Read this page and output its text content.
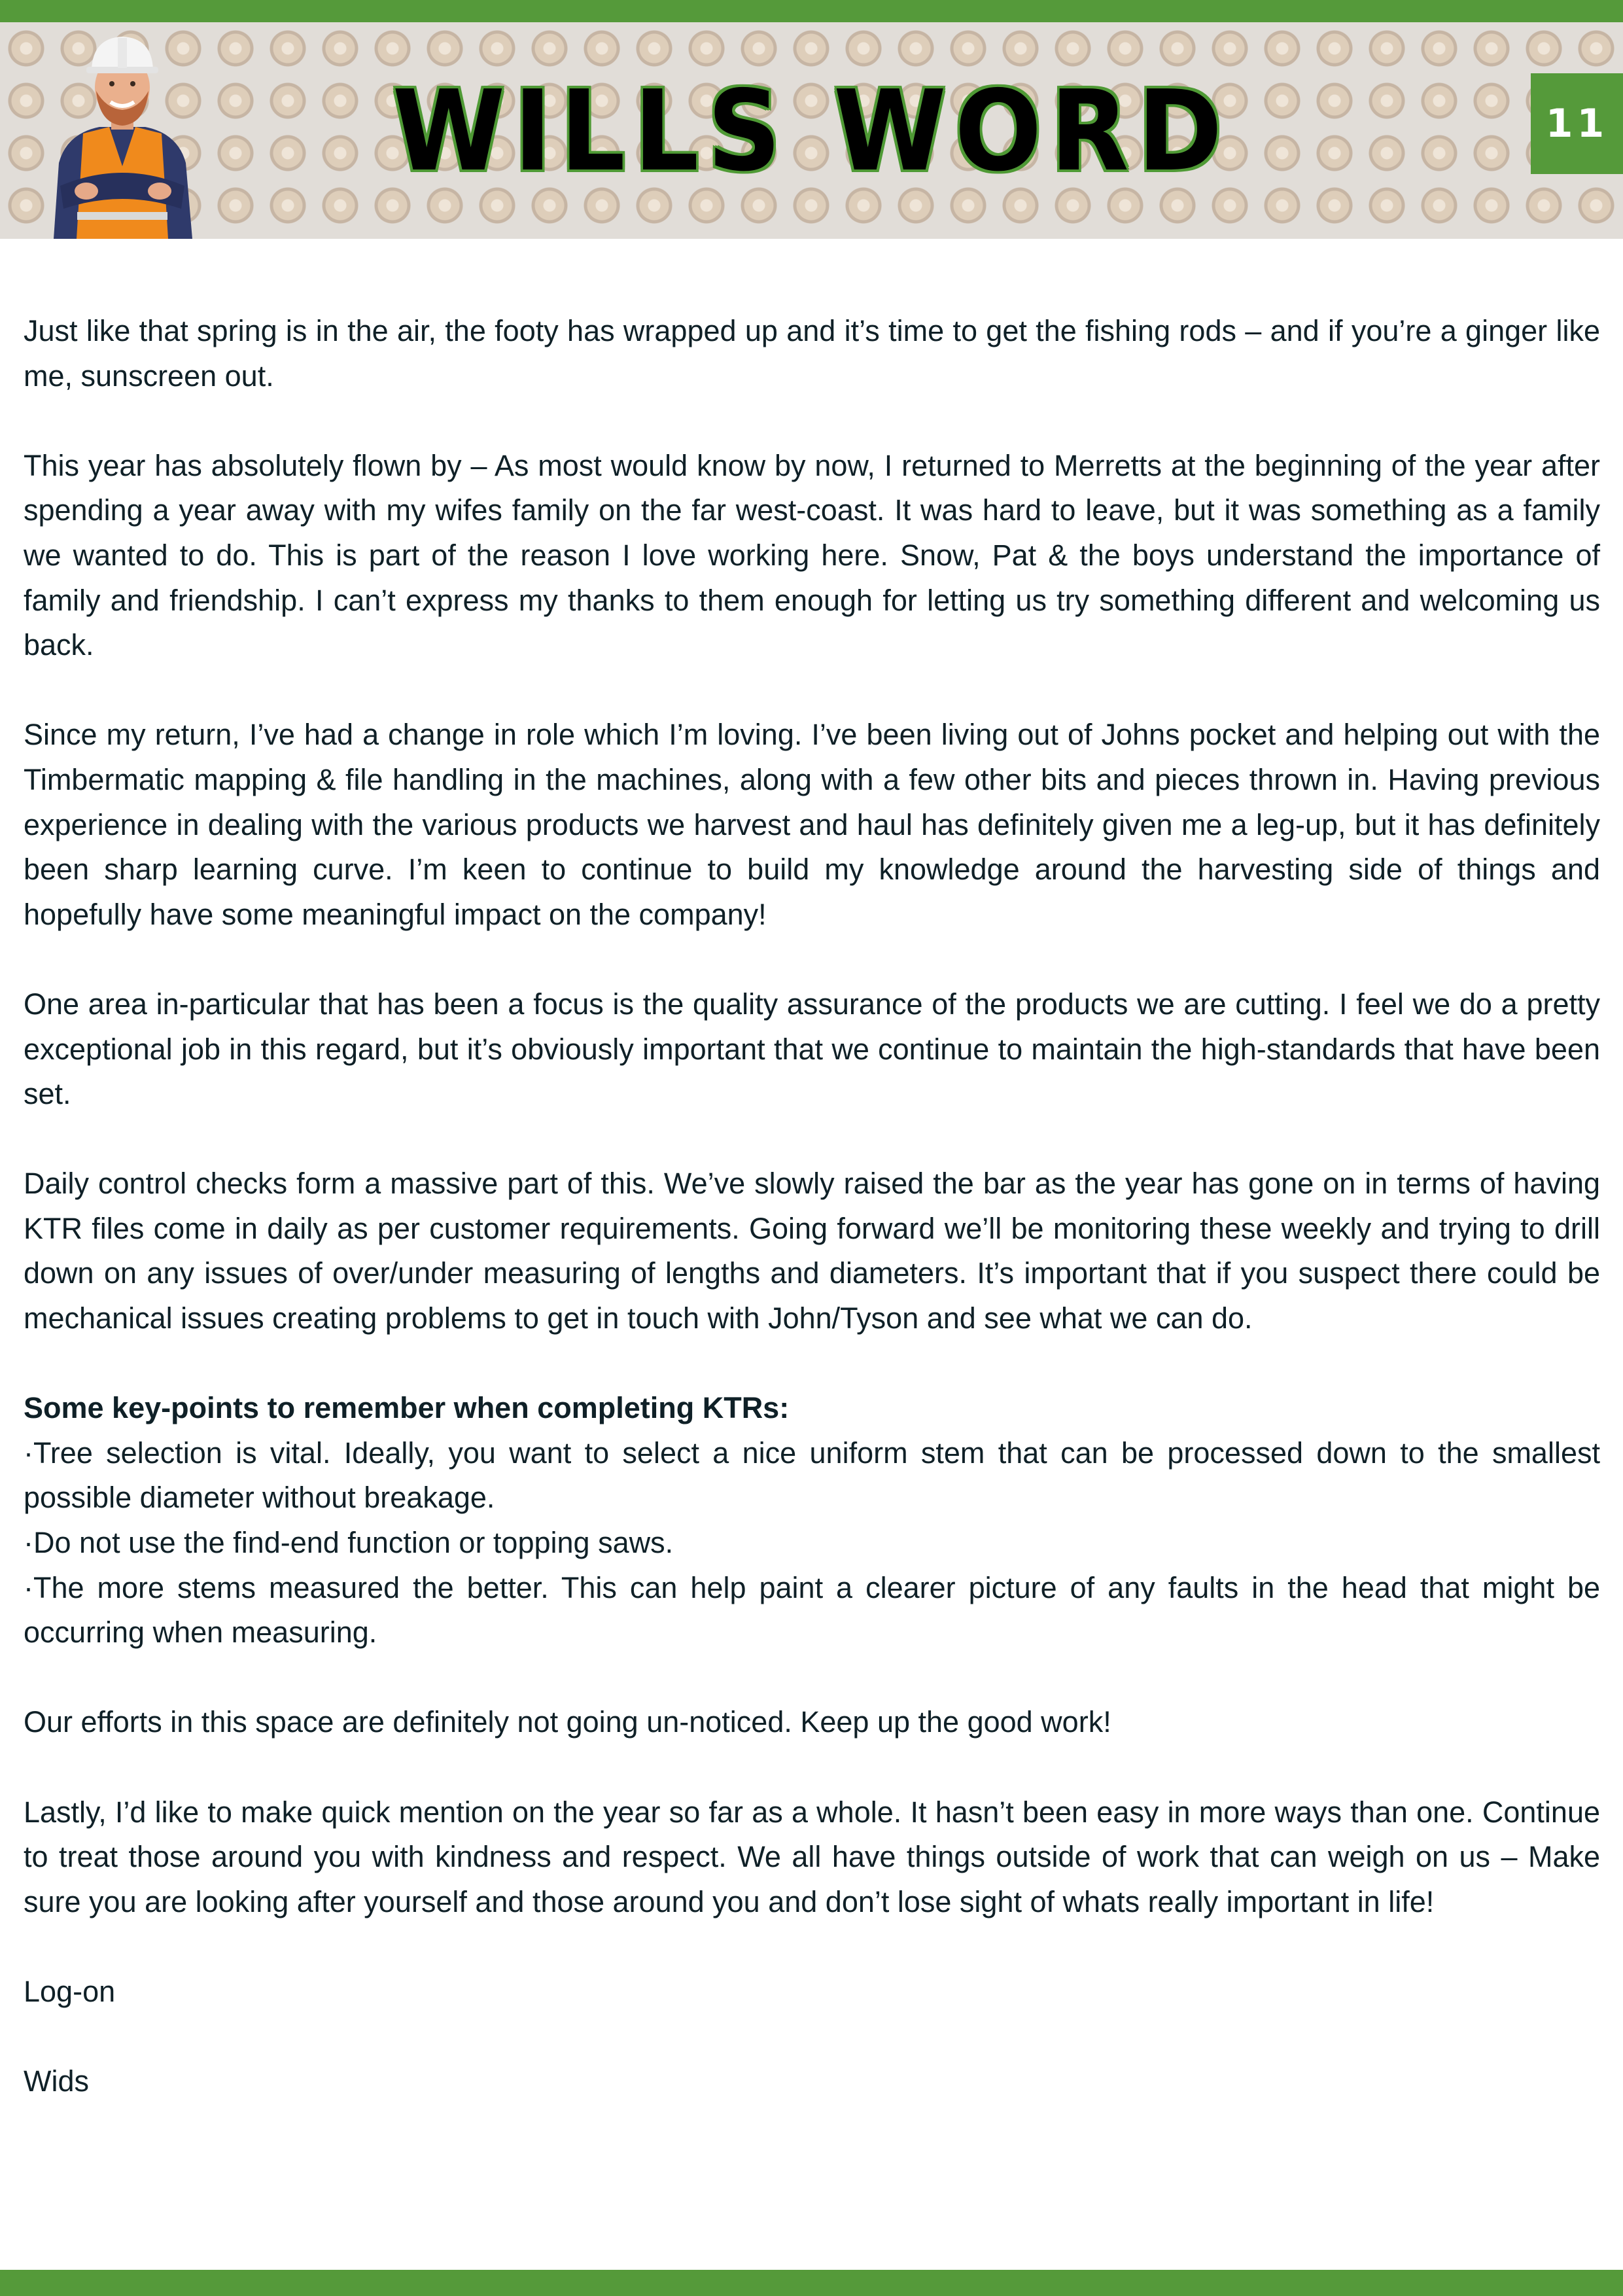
WILLS WORD	11

Just like that spring is in the air, the footy has wrapped up and it’s time to get the fishing rods – and if you’re a ginger like me, sunscreen out.

This year has absolutely flown by – As most would know by now, I returned to Merretts at the beginning of the year after spending a year away with my wifes family on the far west-coast. It was hard to leave, but it was something as a family we wanted to do. This is part of the reason I love working here. Snow, Pat & the boys understand the importance of family and friendship. I can’t express my thanks to them enough for letting us try something different and welcoming us back.

Since my return, I’ve had a change in role which I’m loving. I’ve been living out of Johns pocket and helping out with the Timbermatic mapping & file handling in the machines, along with a few other bits and pieces thrown in. Having previous experience in dealing with the various products we harvest and haul has definitely given me a leg-up, but it has definitely been sharp learning curve. I’m keen to continue to build my knowledge around the harvesting side of things and hopefully have some meaningful impact on the company!

One area in-particular that has been a focus is the quality assurance of the products we are cutting. I feel we do a pretty exceptional job in this regard, but it’s obviously important that we continue to maintain the high-standards that have been set.

Daily control checks form a massive part of this. We’ve slowly raised the bar as the year has gone on in terms of having KTR files come in daily as per customer requirements. Going forward we’ll be monitoring these weekly and trying to drill down on any issues of over/under measuring of lengths and diameters. It’s important that if you suspect there could be mechanical issues creating problems to get in touch with John/Tyson and see what we can do.

Some key-points to remember when completing KTRs:
·Tree selection is vital. Ideally, you want to select a nice uniform stem that can be processed down to the smallest possible diameter without breakage.
·Do not use the find-end function or topping saws.
·The more stems measured the better. This can help paint a clearer picture of any faults in the head that might be occurring when measuring.

Our efforts in this space are definitely not going un-noticed. Keep up the good work!

Lastly, I’d like to make quick mention on the year so far as a whole. It hasn’t been easy in more ways than one. Continue to treat those around you with kindness and respect. We all have things outside of work that can weigh on us – Make sure you are looking after yourself and those around you and don’t lose sight of whats really important in life!

Log-on

Wids
